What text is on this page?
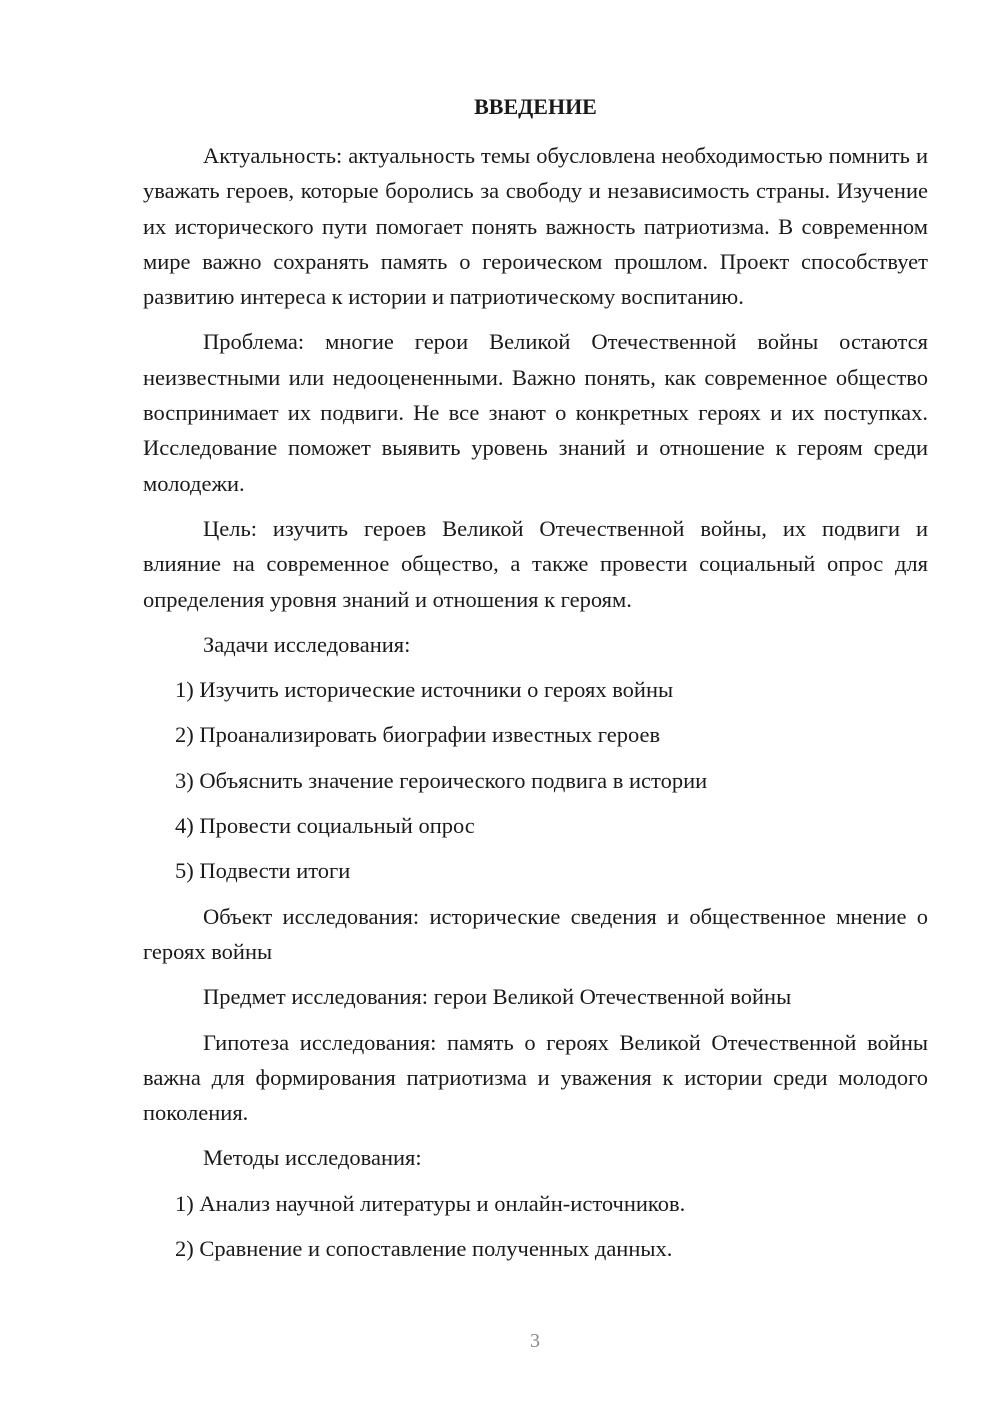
ВВЕДЕНИЕ

Актуальность: актуальность темы обусловлена необходимостью помнить и уважать героев, которые боролись за свободу и независимость страны. Изучение их исторического пути помогает понять важность патриотизма. В современном мире важно сохранять память о героическом прошлом. Проект способствует развитию интереса к истории и патриотическому воспитанию.

Проблема: многие герои Великой Отечественной войны остаются неизвестными или недооцененными. Важно понять, как современное общество воспринимает их подвиги. Не все знают о конкретных героях и их поступках. Исследование поможет выявить уровень знаний и отношение к героям среди молодежи.

Цель: изучить героев Великой Отечественной войны, их подвиги и влияние на современное общество, а также провести социальный опрос для определения уровня знаний и отношения к героям.

Задачи исследования:
1) Изучить исторические источники о героях войны
2) Проанализировать биографии известных героев
3) Объяснить значение героического подвига в истории
4) Провести социальный опрос
5) Подвести итоги

Объект исследования: исторические сведения и общественное мнение о героях войны

Предмет исследования: герои Великой Отечественной войны

Гипотеза исследования: память о героях Великой Отечественной войны важна для формирования патриотизма и уважения к истории среди молодого поколения.

Методы исследования:
1) Анализ научной литературы и онлайн-источников.
2) Сравнение и сопоставление полученных данных.
3
